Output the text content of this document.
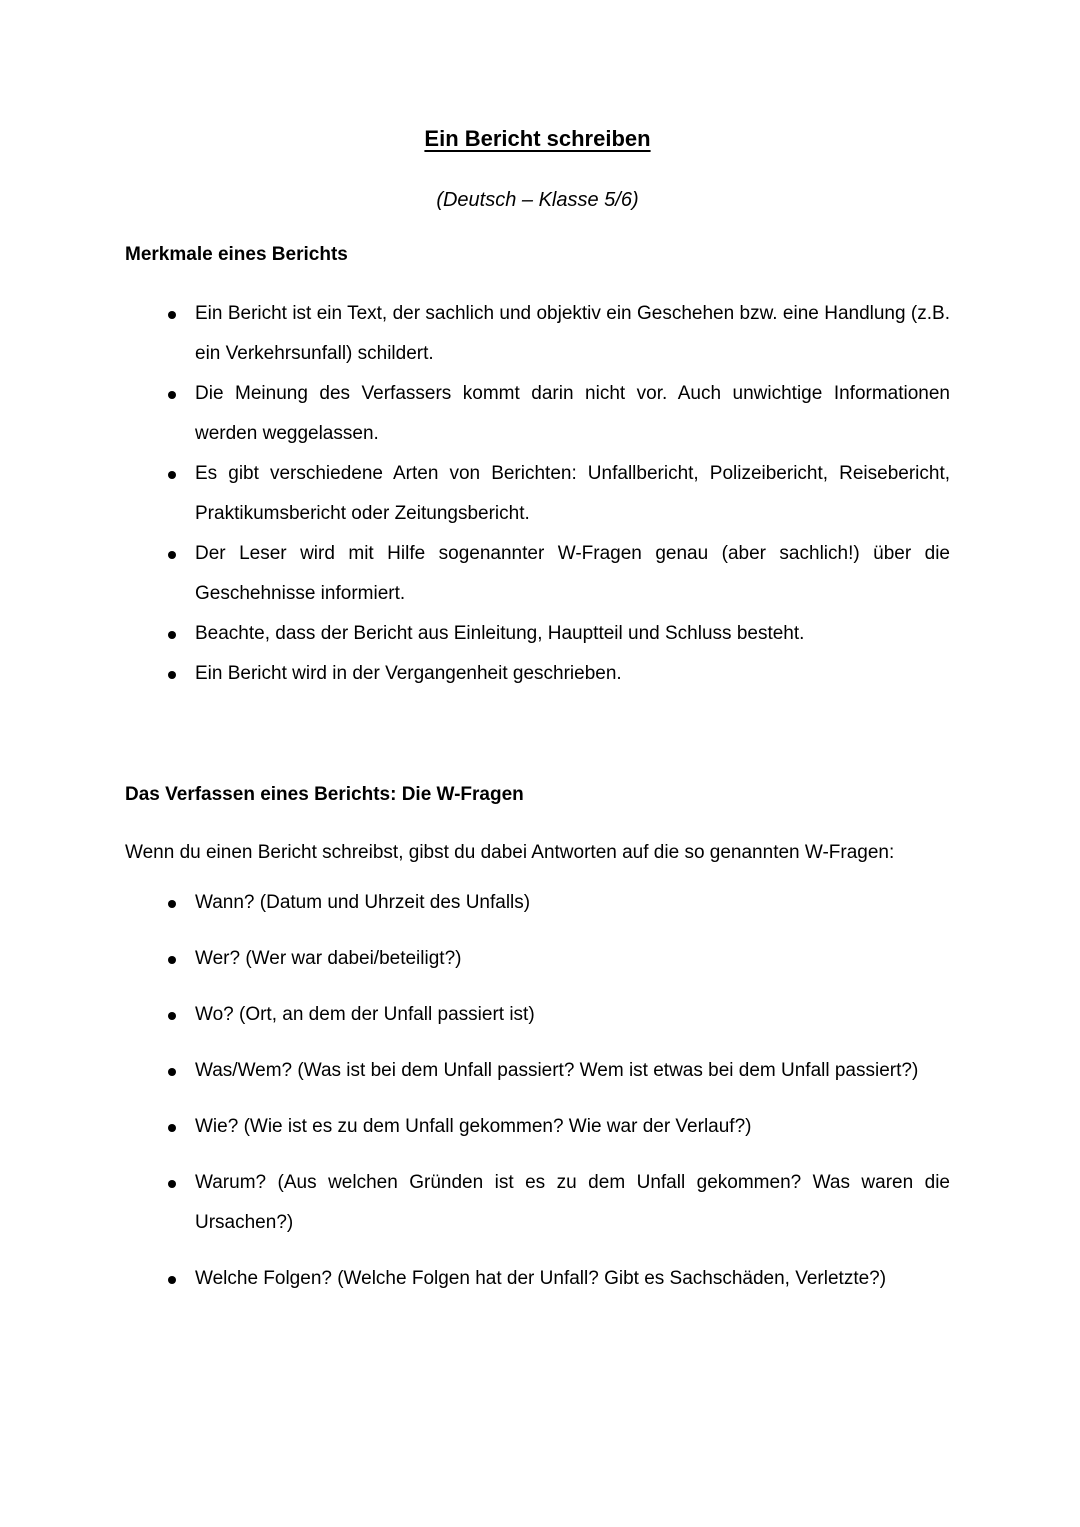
Ein Bericht schreiben
(Deutsch – Klasse 5/6)
Merkmale eines Berichts
Ein Bericht ist ein Text, der sachlich und objektiv ein Geschehen bzw. eine Handlung (z.B. ein Verkehrsunfall) schildert.
Die Meinung des Verfassers kommt darin nicht vor. Auch unwichtige Informationen werden weggelassen.
Es gibt verschiedene Arten von Berichten: Unfallbericht, Polizeibericht, Reisebericht, Praktikumsbericht oder Zeitungsbericht.
Der Leser wird mit Hilfe sogenannter W-Fragen genau (aber sachlich!) über die Geschehnisse informiert.
Beachte, dass der Bericht aus Einleitung, Hauptteil und Schluss besteht.
Ein Bericht wird in der Vergangenheit geschrieben.
Das Verfassen eines Berichts: Die W-Fragen
Wenn du einen Bericht schreibst, gibst du dabei Antworten auf die so genannten W-Fragen:
Wann? (Datum und Uhrzeit des Unfalls)
Wer? (Wer war dabei/beteiligt?)
Wo? (Ort, an dem der Unfall passiert ist)
Was/Wem? (Was ist bei dem Unfall passiert? Wem ist etwas bei dem Unfall passiert?)
Wie? (Wie ist es zu dem Unfall gekommen? Wie war der Verlauf?)
Warum? (Aus welchen Gründen ist es zu dem Unfall gekommen? Was waren die Ursachen?)
Welche Folgen? (Welche Folgen hat der Unfall? Gibt es Sachschäden, Verletzte?)
